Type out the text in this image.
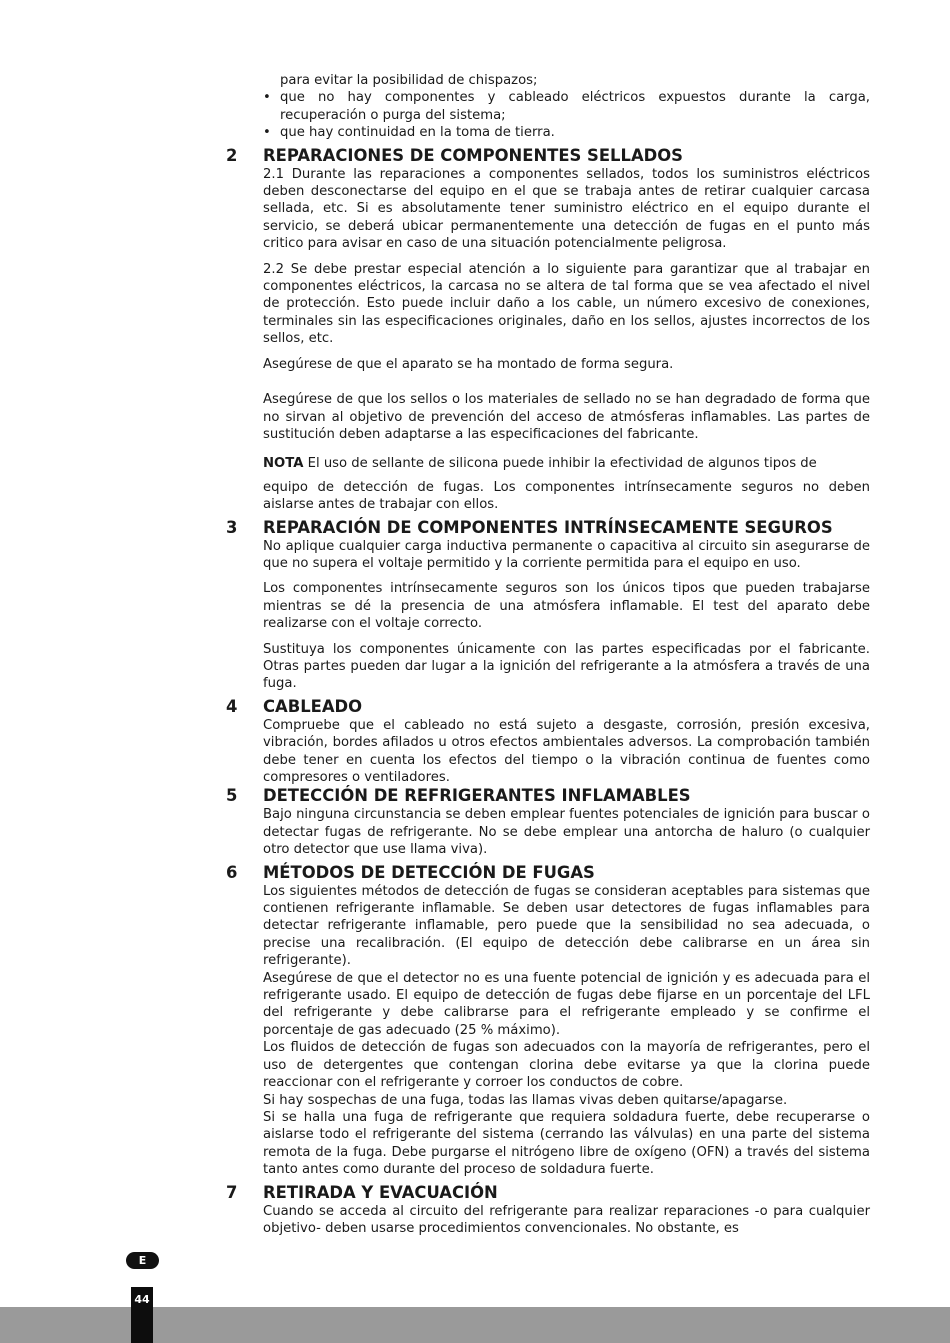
para evitar la posibilidad de chispazos;
• que no hay componentes y cableado eléctricos expuestos durante la carga, recuperación o purga del sistema;
• que hay continuidad en la toma de tierra.
2	REPARACIONES DE COMPONENTES SELLADOS

2.1 Durante las reparaciones a componentes sellados, todos los suministros eléctricos deben desconectarse del equipo en el que se trabaja antes de retirar cualquier carcasa sellada, etc. Si es absolutamente tener suministro eléctrico en el equipo durante el servicio, se deberá ubicar permanentemente una detección de fugas en el punto más critico para avisar en caso de una situación potencialmente peligrosa.

2.2 Se debe prestar especial atención a lo siguiente para garantizar que al trabajar en componentes eléctricos, la carcasa no se altera de tal forma que se vea afectado el nivel de protección. Esto puede incluir daño a los cable, un número excesivo de conexiones, terminales sin las especificaciones originales, daño en los sellos, ajustes incorrectos de los sellos, etc.

Asegúrese de que el aparato se ha montado de forma segura.

Asegúrese de que los sellos o los materiales de sellado no se han degradado de forma que no sirvan al objetivo de prevención del acceso de atmósferas inflamables. Las partes de sustitución deben adaptarse a las especificaciones del fabricante.

NOTA El uso de sellante de silicona puede inhibir la efectividad de algunos tipos de

equipo de detección de fugas. Los componentes intrínsecamente seguros no deben aislarse antes de trabajar con ellos.

3	REPARACIÓN DE COMPONENTES INTRÍNSECAMENTE SEGUROS

No aplique cualquier carga inductiva permanente o capacitiva al circuito sin asegurarse de que no supera el voltaje permitido y la corriente permitida para el equipo en uso.

Los componentes intrínsecamente seguros son los únicos tipos que pueden trabajarse mientras se dé la presencia de una atmósfera inflamable. El test del aparato debe realizarse con el voltaje correcto.

Sustituya los componentes únicamente con las partes especificadas por el fabricante. Otras partes pueden dar lugar a la ignición del refrigerante a la atmósfera a través de una fuga.

4	CABLEADO

Compruebe que el cableado no está sujeto a desgaste, corrosión, presión excesiva, vibración, bordes afilados u otros efectos ambientales adversos. La comprobación también debe tener en cuenta los efectos del tiempo o la vibración continua de fuentes como compresores o ventiladores.

5	DETECCIÓN DE REFRIGERANTES INFLAMABLES

Bajo ninguna circunstancia se deben emplear fuentes potenciales de ignición para buscar o detectar fugas de refrigerante. No se debe emplear una antorcha de haluro (o cualquier otro detector que use llama viva).

6	MÉTODOS DE DETECCIÓN DE FUGAS

Los siguientes métodos de detección de fugas se consideran aceptables para sistemas que contienen refrigerante inflamable. Se deben usar detectores de fugas inflamables para detectar refrigerante inflamable, pero puede que la sensibilidad no sea adecuada, o precise una recalibración. (El equipo de detección debe calibrarse en un área sin refrigerante).

Asegúrese de que el detector no es una fuente potencial de ignición y es adecuada para el refrigerante usado. El equipo de detección de fugas debe fijarse en un porcentaje del LFL del refrigerante y debe calibrarse para el refrigerante empleado y se confirme el porcentaje de gas adecuado (25 % máximo).

Los fluidos de detección de fugas son adecuados con la mayoría de refrigerantes, pero el uso de detergentes que contengan clorina debe evitarse ya que la clorina puede reaccionar con el refrigerante y corroer los conductos de cobre.

Si hay sospechas de una fuga, todas las llamas vivas deben quitarse/apagarse.

Si se halla una fuga de refrigerante que requiera soldadura fuerte, debe recuperarse o aislarse todo el refrigerante del sistema (cerrando las válvulas) en una parte del sistema remota de la fuga. Debe purgarse el nitrógeno libre de oxígeno (OFN) a través del sistema tanto antes como durante del proceso de soldadura fuerte.

7	RETIRADA Y EVACUACIÓN

Cuando se acceda al circuito del refrigerante para realizar reparaciones -o para cualquier objetivo- deben usarse procedimientos convencionales. No obstante, es

E
44
